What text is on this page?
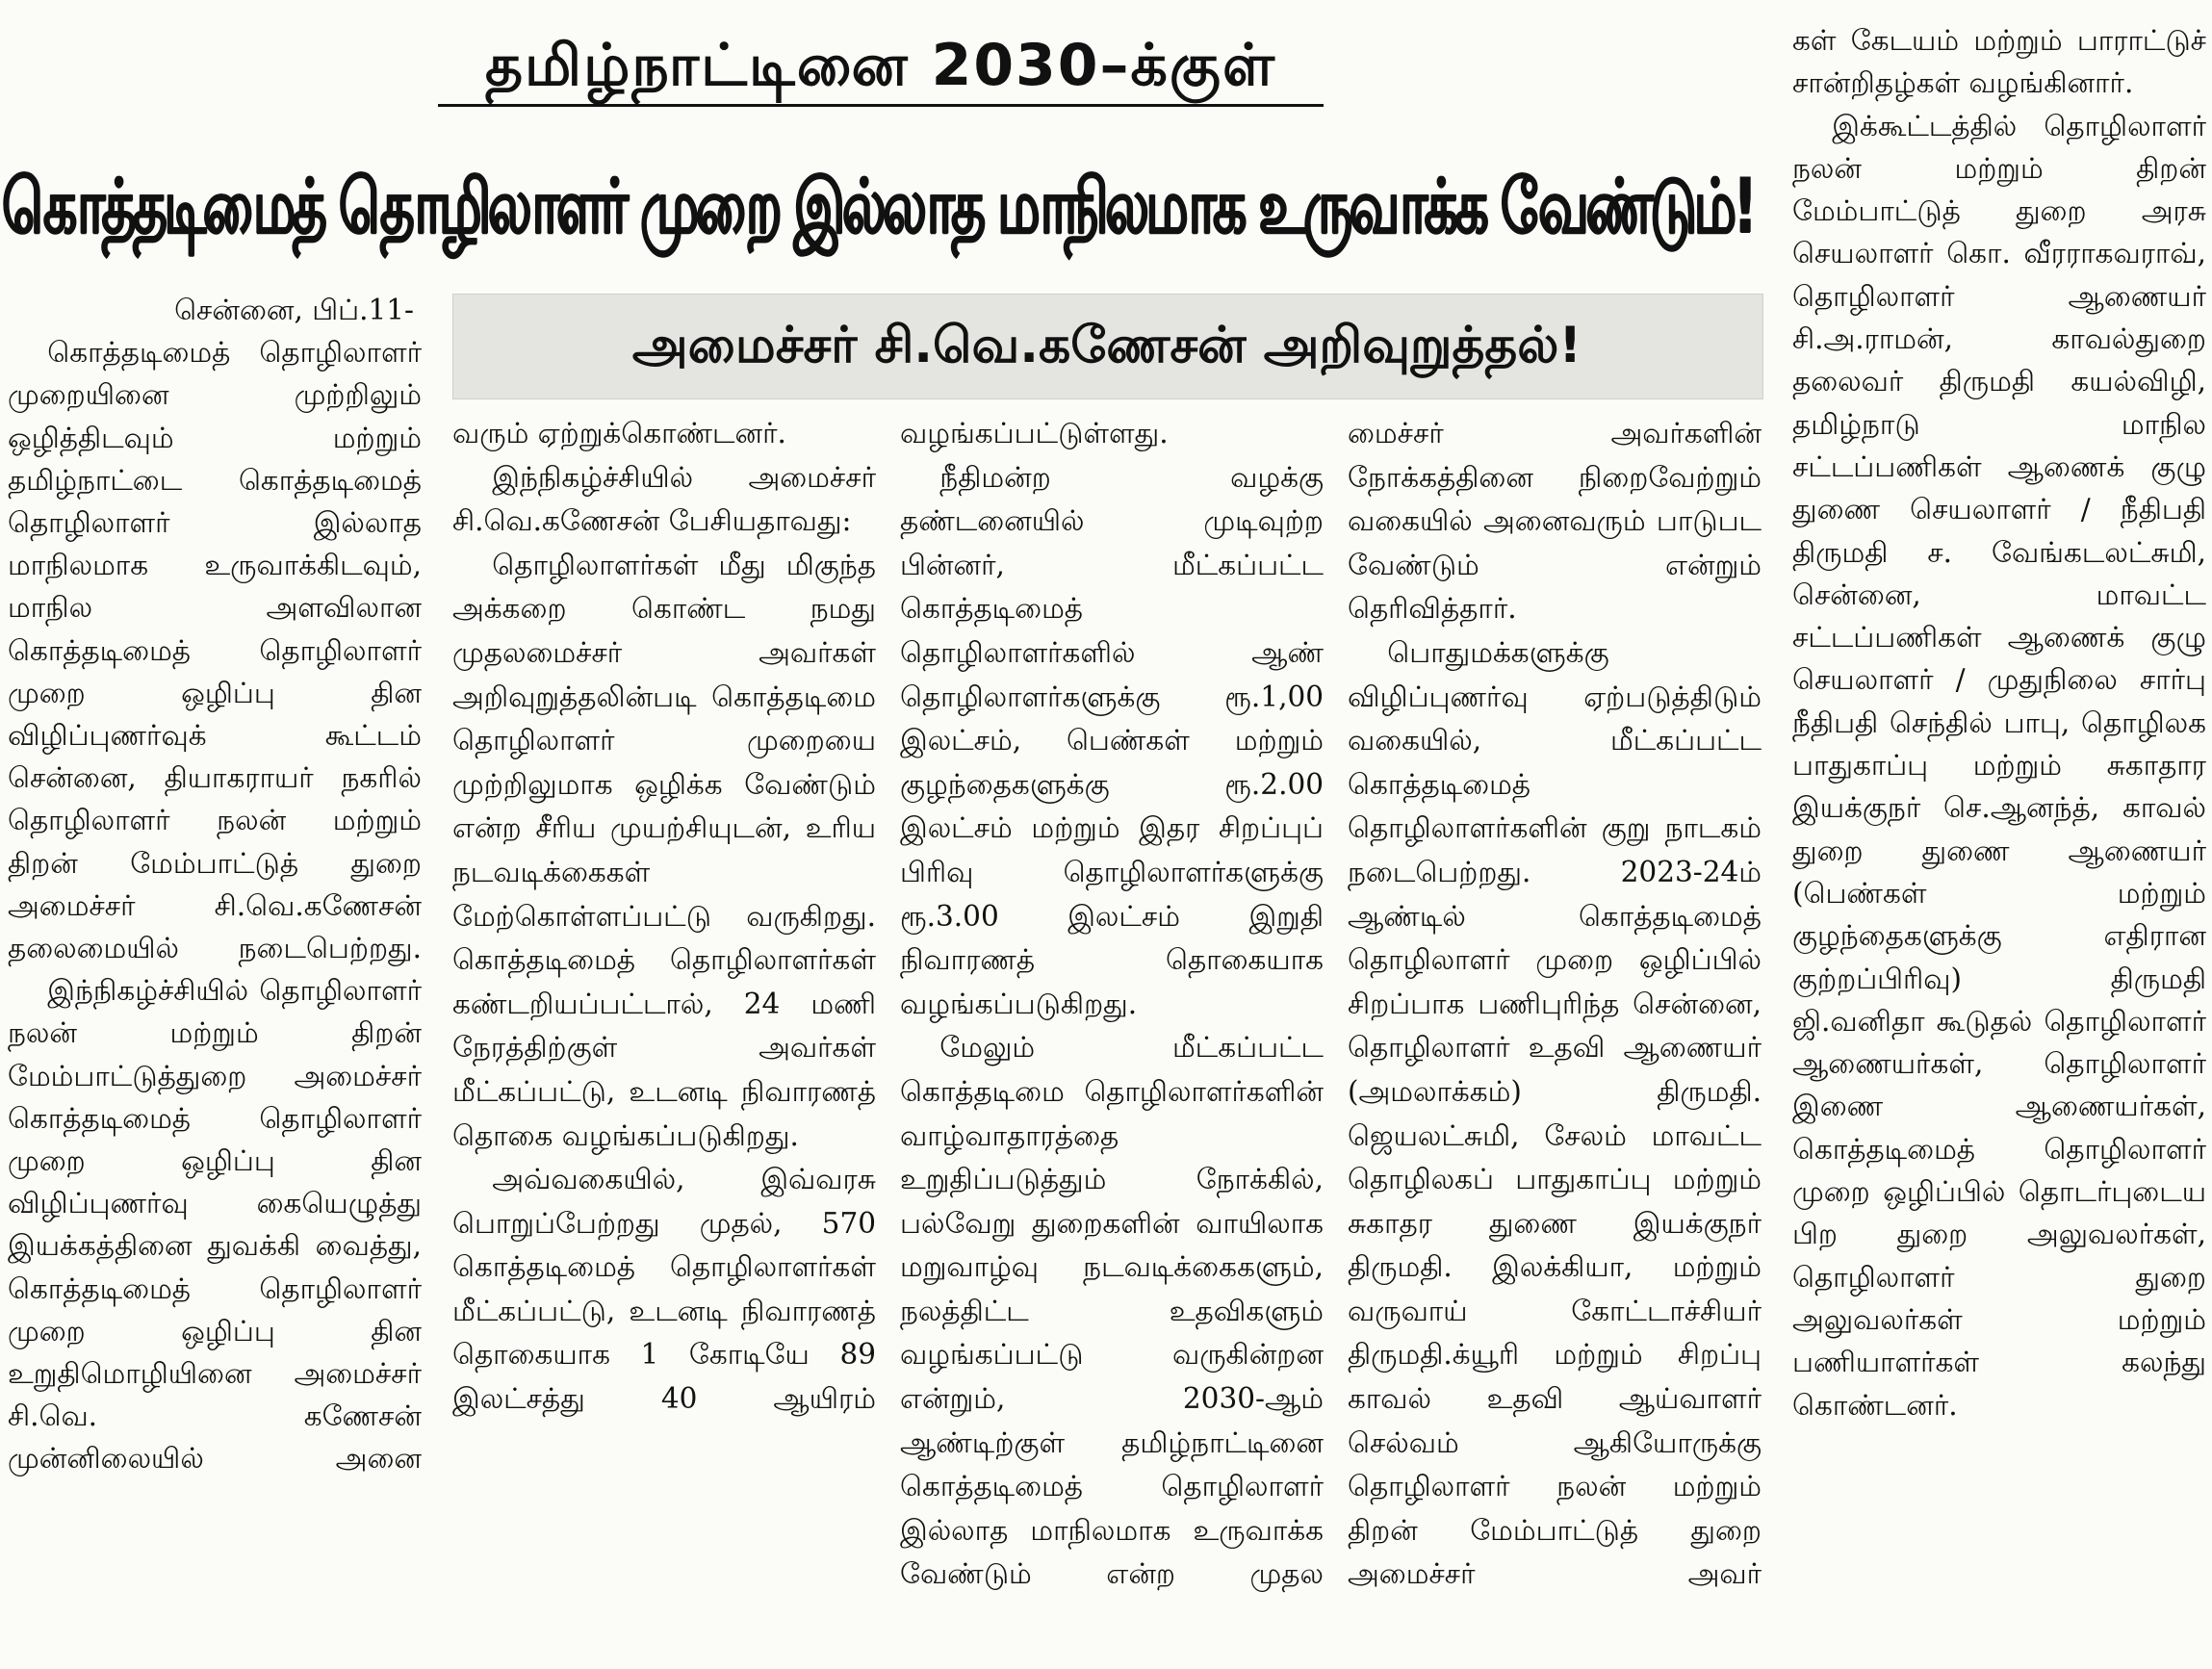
தமிழ்நாட்டினை 2030–க்குள்
கொத்தடிமைத் தொழிலாளர் முறை இல்லாத மாநிலமாக உருவாக்க வேண்டும்!
அமைச்சர் சி.வெ.கணேசன் அறிவுறுத்தல்!

சென்னை, பிப்.11-

கொத்தடிமைத் தொழிலாளர் முறையினை முற்றிலும் ஒழித்திடவும் மற்றும் தமிழ்நாட்டை கொத்தடிமைத் தொழிலாளர் இல்லாத மாநிலமாக உருவாக்கிடவும், மாநில அளவிலான கொத்தடிமைத் தொழிலாளர் முறை ஒழிப்பு தின விழிப்புணர்வுக் கூட்டம் சென்னை, தியாகராயர் நகரில் தொழிலாளர் நலன் மற்றும் திறன் மேம்பாட்டுத் துறை அமைச்சர் சி.வெ.கணேசன் தலைமையில் நடைபெற்றது.

இந்நிகழ்ச்சியில் தொழிலாளர் நலன் மற்றும் திறன் மேம்பாட்டுத்துறை அமைச்சர் கொத்தடிமைத் தொழிலாளர் முறை ஒழிப்பு தின விழிப்புணர்வு கையெழுத்து இயக்கத்தினை துவக்கி வைத்து, கொத்தடிமைத் தொழிலாளர் முறை ஒழிப்பு தின உறுதிமொழியினை அமைச்சர் சி.வெ. கணேசன் முன்னிலையில் அனை

வரும் ஏற்றுக்கொண்டனர்.

இந்நிகழ்ச்சியில் அமைச்சர் சி.வெ.கணேசன் பேசியதாவது:

தொழிலாளர்கள் மீது மிகுந்த அக்கறை கொண்ட நமது முதலமைச்சர் அவர்கள் அறிவுறுத்தலின்படி கொத்தடிமை தொழிலாளர் முறையை முற்றிலுமாக ஒழிக்க வேண்டும் என்ற சீரிய முயற்சியுடன், உரிய நடவடிக்கைகள் மேற்கொள்ளப்பட்டு வருகிறது. கொத்தடிமைத் தொழிலாளர்கள் கண்டறியப்பட்டால், 24 மணி நேரத்திற்குள் அவர்கள் மீட்கப்பட்டு, உடனடி நிவாரணத் தொகை வழங்கப்படுகிறது.

அவ்வகையில், இவ்வரசு பொறுப்பேற்றது முதல், 570 கொத்தடிமைத் தொழிலாளர்கள் மீட்கப்பட்டு, உடனடி நிவாரணத் தொகையாக 1 கோடியே 89 இலட்சத்து 40 ஆயிரம்

வழங்கப்பட்டுள்ளது.

நீதிமன்ற வழக்கு தண்டனையில் முடிவுற்ற பின்னர், மீட்கப்பட்ட கொத்தடிமைத் தொழிலாளர்களில் ஆண் தொழிலாளர்களுக்கு ரூ.1,00 இலட்சம், பெண்கள் மற்றும் குழந்தைகளுக்கு ரூ.2.00 இலட்சம் மற்றும் இதர சிறப்புப் பிரிவு தொழிலாளர்களுக்கு ரூ.3.00 இலட்சம் இறுதி நிவாரணத் தொகையாக வழங்கப்படுகிறது.

மேலும் மீட்கப்பட்ட கொத்தடிமை தொழிலாளர்களின் வாழ்வாதாரத்தை உறுதிப்படுத்தும் நோக்கில், பல்வேறு துறைகளின் வாயிலாக மறுவாழ்வு நடவடிக்கைகளும், நலத்திட்ட உதவிகளும் வழங்கப்பட்டு வருகின்றன என்றும், 2030-ஆம் ஆண்டிற்குள் தமிழ்நாட்டினை கொத்தடிமைத் தொழிலாளர் இல்லாத மாநிலமாக உருவாக்க வேண்டும் என்ற முதல

மைச்சர் அவர்களின் நோக்கத்தினை நிறைவேற்றும் வகையில் அனைவரும் பாடுபட வேண்டும் என்றும் தெரிவித்தார்.

பொதுமக்களுக்கு விழிப்புணர்வு ஏற்படுத்திடும் வகையில், மீட்கப்பட்ட கொத்தடிமைத் தொழிலாளர்களின் குறு நாடகம் நடைபெற்றது. 2023-24ம் ஆண்டில் கொத்தடிமைத் தொழிலாளர் முறை ஒழிப்பில் சிறப்பாக பணிபுரிந்த சென்னை, தொழிலாளர் உதவி ஆணையர் (அமலாக்கம்) திருமதி. ஜெயலட்சுமி, சேலம் மாவட்ட தொழிலகப் பாதுகாப்பு மற்றும் சுகாதர துணை இயக்குநர் திருமதி. இலக்கியா, மற்றும் வருவாய் கோட்டாச்சியர் திருமதி.க்யூரி மற்றும் சிறப்பு காவல் உதவி ஆய்வாளர் செல்வம் ஆகியோருக்கு தொழிலாளர் நலன் மற்றும் திறன் மேம்பாட்டுத் துறை அமைச்சர் அவர்

கள் கேடயம் மற்றும் பாராட்டுச் சான்றிதழ்கள் வழங்கினார்.

இக்கூட்டத்தில் தொழிலாளர் நலன் மற்றும் திறன் மேம்பாட்டுத் துறை அரசு செயலாளர் கொ. வீரராகவராவ், தொழிலாளர் ஆணையர் சி.அ.ராமன், காவல்துறை தலைவர் திருமதி கயல்விழி, தமிழ்நாடு மாநில சட்டப்பணிகள் ஆணைக் குழு துணை செயலாளர் / நீதிபதி திருமதி ச. வேங்கடலட்சுமி, சென்னை, மாவட்ட சட்டப்பணிகள் ஆணைக் குழு செயலாளர் / முதுநிலை சார்பு நீதிபதி செந்தில் பாபு, தொழிலக பாதுகாப்பு மற்றும் சுகாதார இயக்குநர் செ.ஆனந்த், காவல் துறை துணை ஆணையர் (பெண்கள் மற்றும் குழந்தைகளுக்கு எதிரான குற்றப்பிரிவு) திருமதி ஜி.வனிதா கூடுதல் தொழிலாளர் ஆணையர்கள், தொழிலாளர் இணை ஆணையர்கள், கொத்தடிமைத் தொழிலாளர் முறை ஒழிப்பில் தொடர்புடைய பிற துறை அலுவலர்கள், தொழிலாளர் துறை அலுவலர்கள் மற்றும் பணியாளர்கள் கலந்து கொண்டனர்.
